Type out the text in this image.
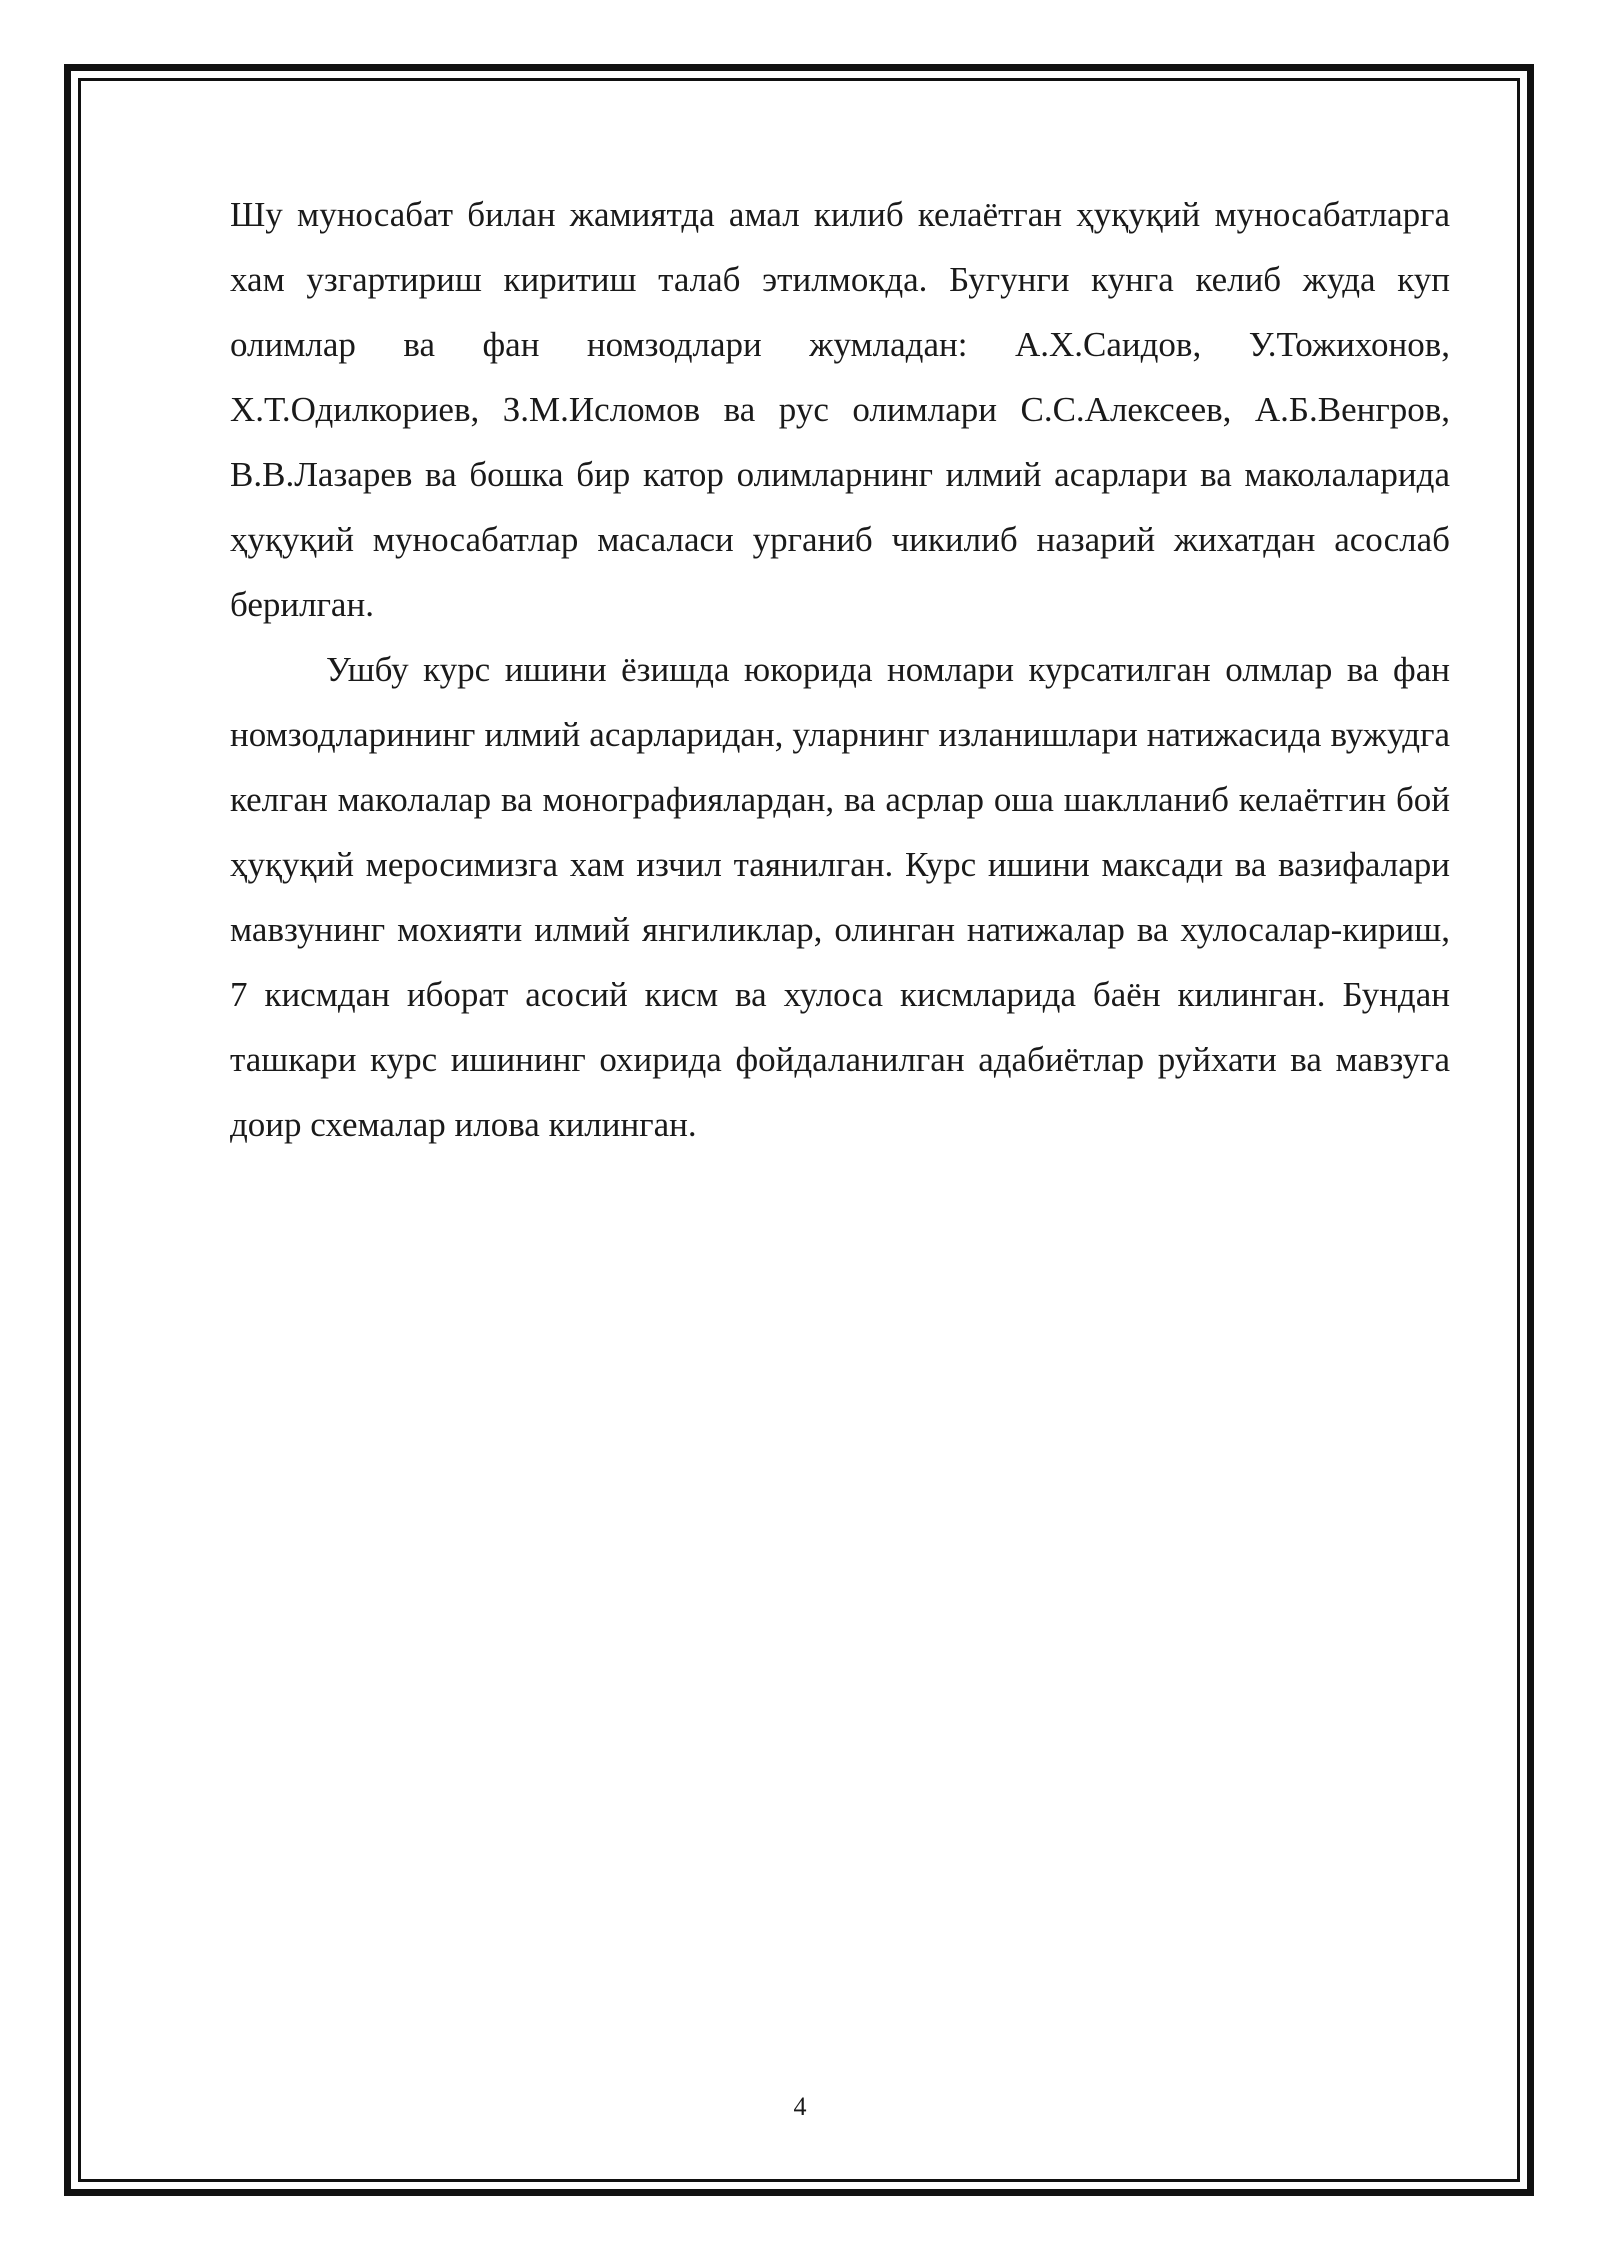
Шу муносабат билан жамиятда амал килиб келаётган ҳуқуқий муносабатларга хам узгартириш киритиш талаб этилмокда. Бугунги кунга келиб жуда куп олимлар ва фан номзодлари жумладан: А.Х.Саидов, У.Тожихонов, Х.Т.Одилкориев, З.М.Исломов ва рус олимлари С.С.Алексеев, А.Б.Венгров, В.В.Лазарев ва бошка бир катор олимларнинг илмий асарлари ва маколаларида ҳуқуқий муносабатлар масаласи урганиб чикилиб назарий жихатдан асослаб берилган.

Ушбу курс ишини ёзишда юкорида номлари курсатилган олмлар ва фан номзодларининг илмий асарларидан, уларнинг изланишлари натижасида вужудга келган маколалар ва монографиялардан, ва асрлар оша шаклланиб келаётгин бой ҳуқуқий меросимизга хам изчил таянилган. Курс ишини максади ва вазифалари мавзунинг мохияти илмий янгиликлар, олинган натижалар ва хулосалар-кириш, 7 кисмдан иборат асосий кисм ва хулоса кисмларида баён килинган. Бундан ташкари курс ишининг охирида фойдаланилган адабиётлар руйхати ва мавзуга доир схемалар илова килинган.

4
